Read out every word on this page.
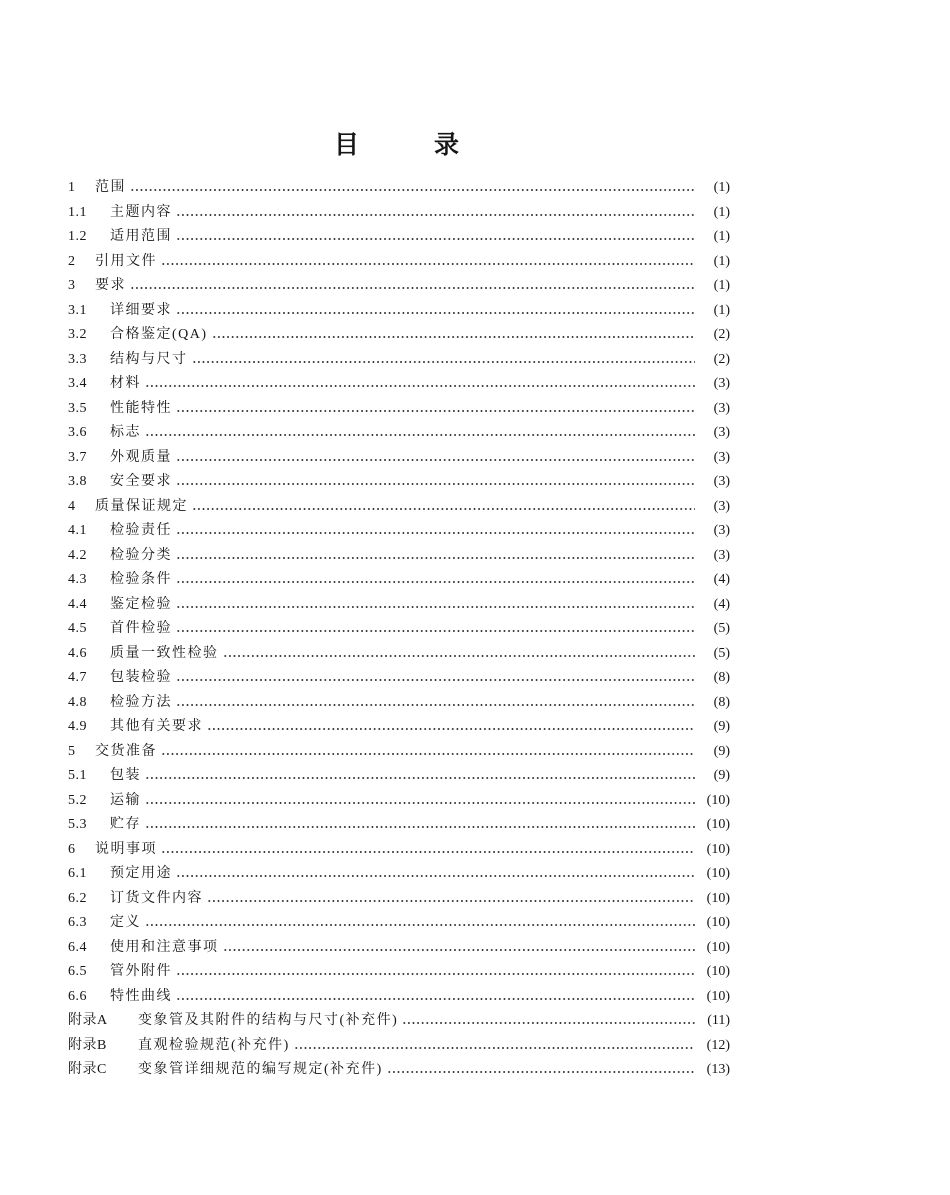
目录
1	范围	(1)
1.1	主题内容	(1)
1.2	适用范围	(1)
2	引用文件	(1)
3	要求	(1)
3.1	详细要求	(1)
3.2	合格鉴定(QA)	(2)
3.3	结构与尺寸	(2)
3.4	材料	(3)
3.5	性能特性	(3)
3.6	标志	(3)
3.7	外观质量	(3)
3.8	安全要求	(3)
4	质量保证规定	(3)
4.1	检验责任	(3)
4.2	检验分类	(3)
4.3	检验条件	(4)
4.4	鉴定检验	(4)
4.5	首件检验	(5)
4.6	质量一致性检验	(5)
4.7	包装检验	(8)
4.8	检验方法	(8)
4.9	其他有关要求	(9)
5	交货准备	(9)
5.1	包装	(9)
5.2	运输	(10)
5.3	贮存	(10)
6	说明事项	(10)
6.1	预定用途	(10)
6.2	订货文件内容	(10)
6.3	定义	(10)
6.4	使用和注意事项	(10)
6.5	管外附件	(10)
6.6	特性曲线	(10)
附录A	变象管及其附件的结构与尺寸(补充件)	(11)
附录B	直观检验规范(补充件)	(12)
附录C	变象管详细规范的编写规定(补充件)	(13)
